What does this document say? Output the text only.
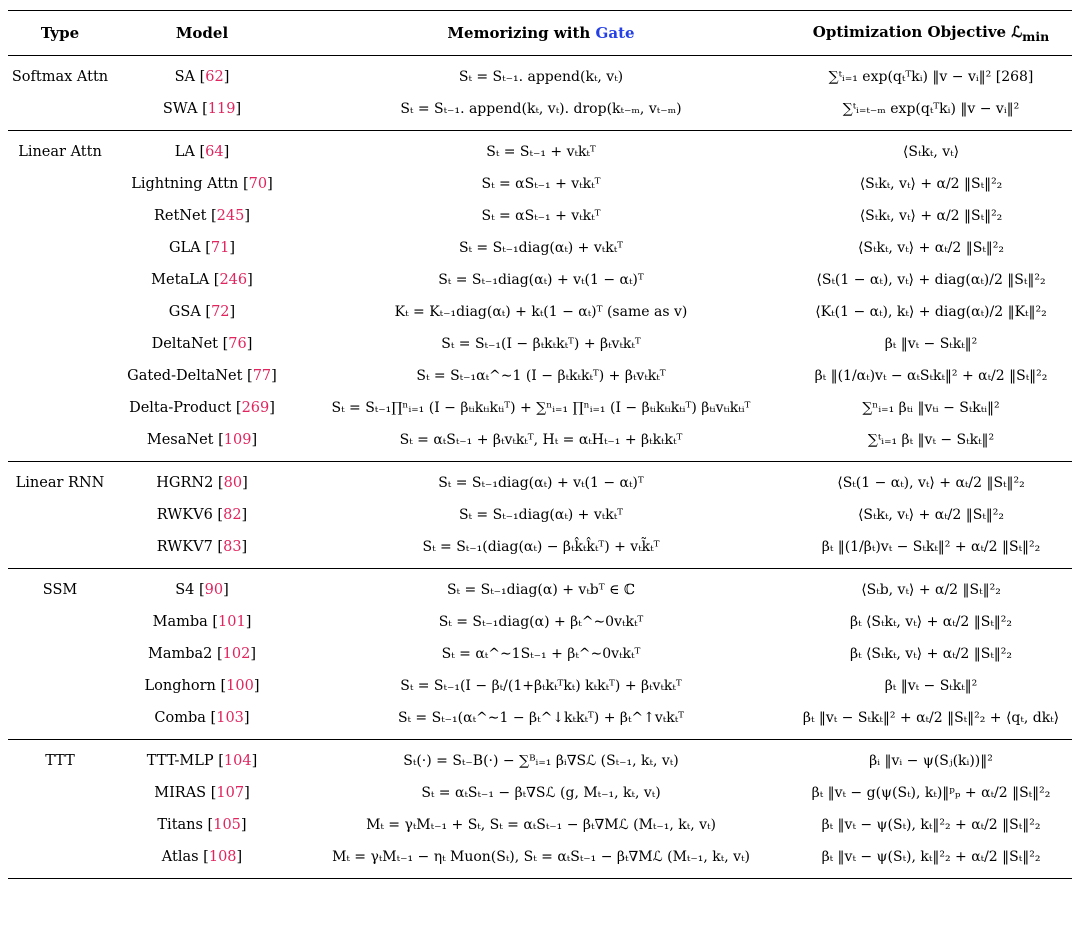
Type	Model	Memorizing with Gate	Optimization Objective ℒ$_{min}$
Softmax Attn	SA [62]	Sₜ = Sₜ₋₁. append(kₜ, vₜ)	∑ᵗᵢ₌₁ exp(qₜᵀkᵢ) ‖v − vᵢ‖² [268]
	SWA [119]	Sₜ = Sₜ₋₁. append(kₜ, vₜ). drop(kₜ₋ₘ, vₜ₋ₘ)	∑ᵗᵢ₌ₜ₋ₘ exp(qₜᵀkᵢ) ‖v − vᵢ‖²
Linear Attn	LA [64]	Sₜ = Sₜ₋₁ + vₜkₜᵀ	⟨Sₜkₜ, vₜ⟩
	Lightning Attn [70]	Sₜ = αSₜ₋₁ + vₜkₜᵀ	⟨Sₜkₜ, vₜ⟩ + α/2 ‖Sₜ‖²₂
	RetNet [245]	Sₜ = αSₜ₋₁ + vₜkₜᵀ	⟨Sₜkₜ, vₜ⟩ + α/2 ‖Sₜ‖²₂
	GLA [71]	Sₜ = Sₜ₋₁diag(αₜ) + vₜkₜᵀ	⟨Sₜkₜ, vₜ⟩ + αₜ/2 ‖Sₜ‖²₂
	MetaLA [246]	Sₜ = Sₜ₋₁diag(αₜ) + vₜ(1 − αₜ)ᵀ	⟨Sₜ(1 − αₜ), vₜ⟩ + diag(αₜ)/2 ‖Sₜ‖²₂
	GSA [72]	Kₜ = Kₜ₋₁diag(αₜ) + kₜ(1 − αₜ)ᵀ (same as v)	⟨Kₜ(1 − αₜ), kₜ⟩ + diag(αₜ)/2 ‖Kₜ‖²₂
	DeltaNet [76]	Sₜ = Sₜ₋₁(I − βₜkₜkₜᵀ) + βₜvₜkₜᵀ	βₜ ‖vₜ − Sₜkₜ‖²
	Gated-DeltaNet [77]	Sₜ = Sₜ₋₁αₜ^∼1 (I − βₜkₜkₜᵀ) + βₜvₜkₜᵀ	βₜ ‖(1/αₜ)vₜ − αₜSₜkₜ‖² + αₜ/2 ‖Sₜ‖²₂
	Delta-Product [269]	Sₜ = Sₜ₋₁∏ⁿᵢ₌₁ (I − βₜᵢkₜᵢkₜᵢᵀ) + ∑ⁿᵢ₌₁ ∏ⁿᵢ₌₁ (I − βₜᵢkₜᵢkₜᵢᵀ) βₜᵢvₜᵢkₜᵢᵀ	∑ⁿᵢ₌₁ βₜᵢ ‖vₜᵢ − Sₜkₜᵢ‖²
	MesaNet [109]	Sₜ = αₜSₜ₋₁ + βₜvₜkₜᵀ, Hₜ = αₜHₜ₋₁ + βₜkₜkₜᵀ	∑ᵗᵢ₌₁ βₜ ‖vₜ − Sₜkₜ‖²
Linear RNN	HGRN2 [80]	Sₜ = Sₜ₋₁diag(αₜ) + vₜ(1 − αₜ)ᵀ	⟨Sₜ(1 − αₜ), vₜ⟩ + αₜ/2 ‖Sₜ‖²₂
	RWKV6 [82]	Sₜ = Sₜ₋₁diag(αₜ) + vₜkₜᵀ	⟨Sₜkₜ, vₜ⟩ + αₜ/2 ‖Sₜ‖²₂
	RWKV7 [83]	Sₜ = Sₜ₋₁(diag(αₜ) − βₜk̂ₜk̂ₜᵀ) + vₜk̃ₜᵀ	βₜ ‖(1/βₜ)vₜ − Sₜkₜ‖² + αₜ/2 ‖Sₜ‖²₂
SSM	S4 [90]	Sₜ = Sₜ₋₁diag(α) + vₜbᵀ ∈ ℂ	⟨Sₜb, vₜ⟩ + α/2 ‖Sₜ‖²₂
	Mamba [101]	Sₜ = Sₜ₋₁diag(α) + βₜ^∼0vₜkₜᵀ	βₜ ⟨Sₜkₜ, vₜ⟩ + αₜ/2 ‖Sₜ‖²₂
	Mamba2 [102]	Sₜ = αₜ^∼1Sₜ₋₁ + βₜ^∼0vₜkₜᵀ	βₜ ⟨Sₜkₜ, vₜ⟩ + αₜ/2 ‖Sₜ‖²₂
	Longhorn [100]	Sₜ = Sₜ₋₁(I − βₜ/(1+βₜkₜᵀkₜ) kₜkₜᵀ) + βₜvₜkₜᵀ	βₜ ‖vₜ − Sₜkₜ‖²
	Comba [103]	Sₜ = Sₜ₋₁(αₜ^∼1 − βₜ^↓kₜkₜᵀ) + βₜ^↑vₜkₜᵀ	βₜ ‖vₜ − Sₜkₜ‖² + αₜ/2 ‖Sₜ‖²₂ + ⟨qₜ, dkₜ⟩
TTT	TTT-MLP [104]	Sₜ(·) = Sₜ₋B(·) − ∑ᴮᵢ₌₁ βᵢ∇Sℒ (Sₜ₋₁, kₜ, vₜ)	βᵢ ‖vᵢ − ψ(Sⱼ(kᵢ))‖²
	MIRAS [107]	Sₜ = αₜSₜ₋₁ − βₜ∇Sℒ (g, Mₜ₋₁, kₜ, vₜ)	βₜ ‖vₜ − g(ψ(Sₜ), kₜ)‖ᵖₚ + αₜ/2 ‖Sₜ‖²₂
	Titans [105]	Mₜ = γₜMₜ₋₁ + Sₜ, Sₜ = αₜSₜ₋₁ − βₜ∇Mℒ (Mₜ₋₁, kₜ, vₜ)	βₜ ‖vₜ − ψ(Sₜ), kₜ‖²₂ + αₜ/2 ‖Sₜ‖²₂
	Atlas [108]	Mₜ = γₜMₜ₋₁ − ηₜ Muon(Sₜ), Sₜ = αₜSₜ₋₁ − βₜ∇Mℒ (Mₜ₋₁, kₜ, vₜ)	βₜ ‖vₜ − ψ(Sₜ), kₜ‖²₂ + αₜ/2 ‖Sₜ‖²₂
